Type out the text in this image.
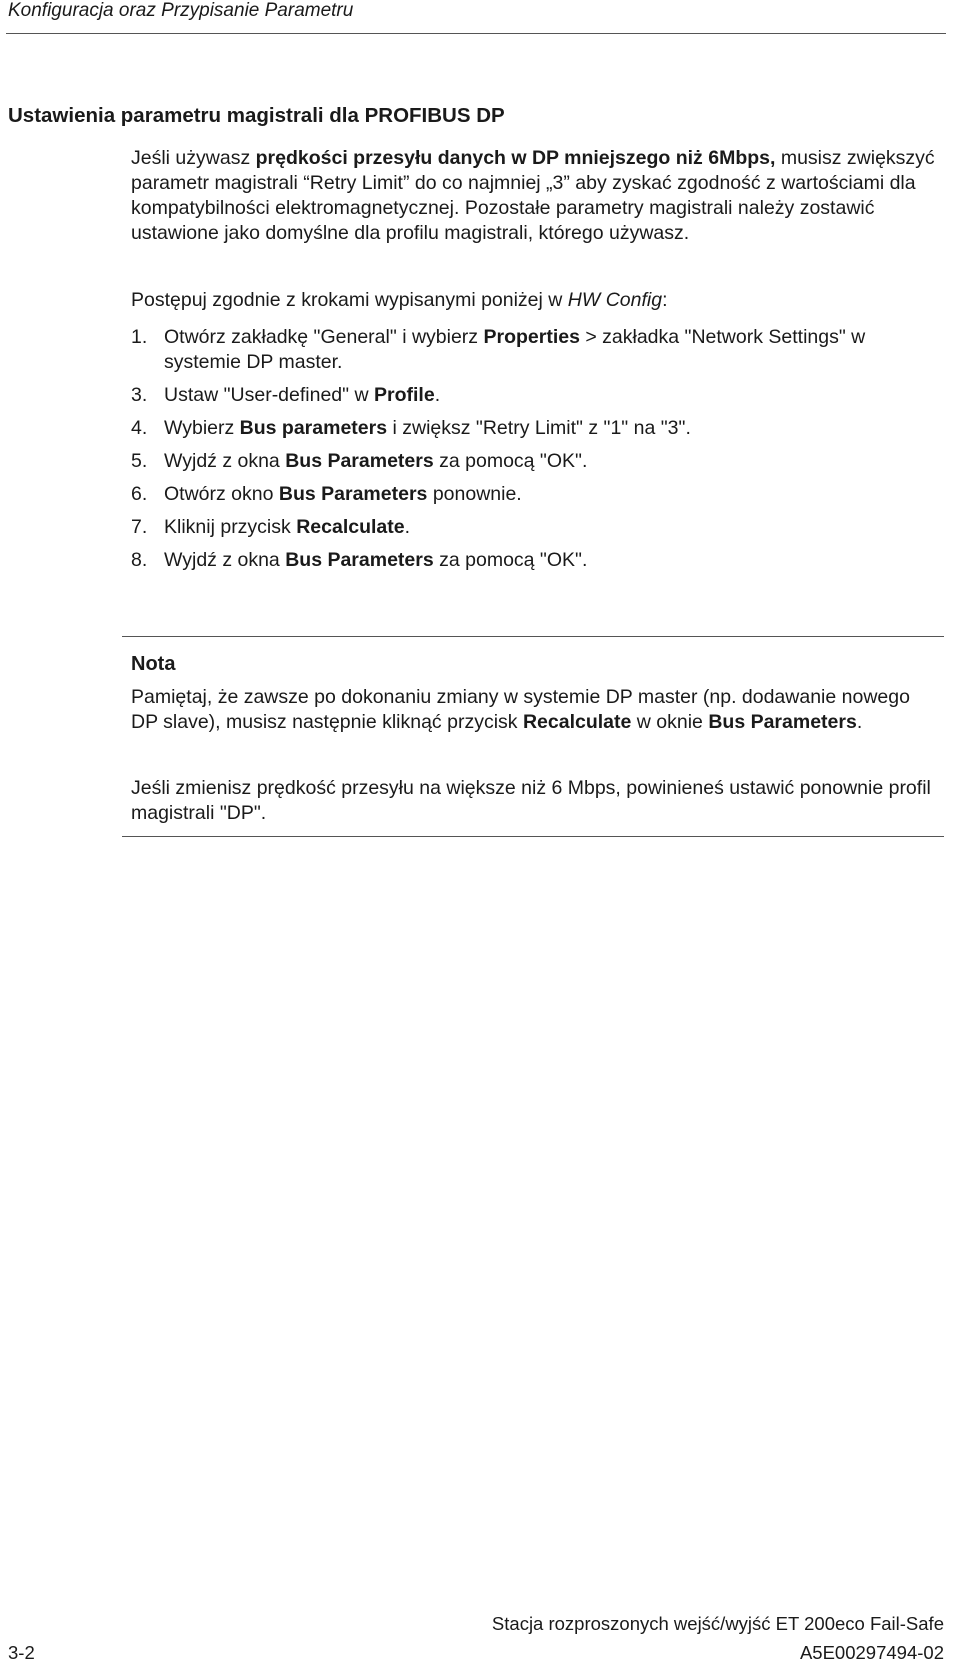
Konfiguracja oraz Przypisanie Parametru
Ustawienia parametru magistrali dla PROFIBUS DP
Jeśli używasz prędkości przesyłu danych w DP mniejszego niż 6Mbps, musisz zwiększyć parametr magistrali “Retry Limit” do co najmniej „3” aby zyskać zgodność z wartościami dla kompatybilności elektromagnetycznej. Pozostałe parametry magistrali należy zostawić ustawione jako domyślne dla profilu magistrali, którego używasz.
Postępuj zgodnie z krokami wypisanymi poniżej w HW Config:
1. Otwórz zakładkę "General" i wybierz Properties > zakładka "Network Settings" w systemie DP master.
3. Ustaw "User-defined" w Profile.
4. Wybierz Bus parameters i zwiększ "Retry Limit" z "1" na "3".
5. Wyjdź z okna Bus Parameters za pomocą "OK".
6. Otwórz okno Bus Parameters ponownie.
7. Kliknij przycisk Recalculate.
8. Wyjdź z okna Bus Parameters za pomocą "OK".
Nota
Pamiętaj, że zawsze po dokonaniu zmiany w systemie DP master (np. dodawanie nowego DP slave), musisz następnie kliknąć przycisk Recalculate w oknie Bus Parameters.
Jeśli zmienisz prędkość przesyłu na większe niż 6 Mbps, powinieneś ustawić ponownie profil magistrali "DP".
Stacja rozproszonych wejść/wyjść ET 200eco Fail-Safe
3-2	A5E00297494-02
